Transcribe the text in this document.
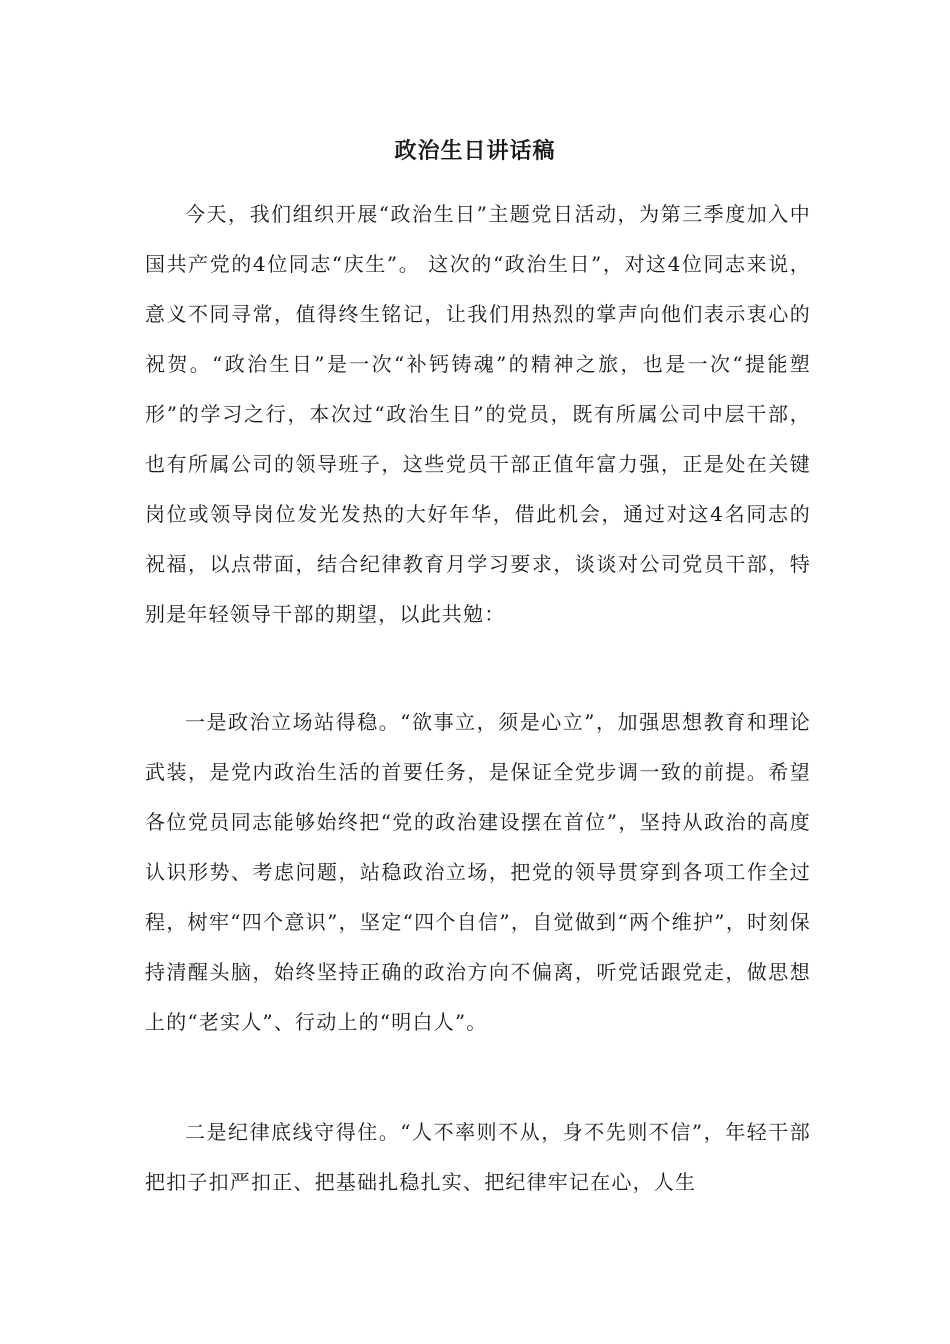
政治生日讲话稿

今天，我们组织开展“政治生日”主题党日活动，为第三季度加入中国共产党的4位同志“庆生”。 这次的“政治生日”，对这4位同志来说，意义不同寻常，值得终生铭记，让我们用热烈的掌声向他们表示衷心的祝贺。“政治生日”是一次“补钙铸魂”的精神之旅，也是一次“提能塑形”的学习之行，本次过“政治生日”的党员，既有所属公司中层干部，也有所属公司的领导班子，这些党员干部正值年富力强，正是处在关键岗位或领导岗位发光发热的大好年华，借此机会，通过对这4名同志的祝福，以点带面，结合纪律教育月学习要求，谈谈对公司党员干部，特别是年轻领导干部的期望，以此共勉：

一是政治立场站得稳。“欲事立，须是心立”，加强思想教育和理论武装，是党内政治生活的首要任务，是保证全党步调一致的前提。希望各位党员同志能够始终把“党的政治建设摆在首位”，坚持从政治的高度认识形势、考虑问题，站稳政治立场，把党的领导贯穿到各项工作全过程，树牢“四个意识”，坚定“四个自信”，自觉做到“两个维护”，时刻保持清醒头脑，始终坚持正确的政治方向不偏离，听党话跟党走，做思想上的“老实人”、行动上的“明白人”。

二是纪律底线守得住。“人不率则不从，身不先则不信”，年轻干部把扣子扣严扣正、把基础扎稳扎实、把纪律牢记在心，人生
